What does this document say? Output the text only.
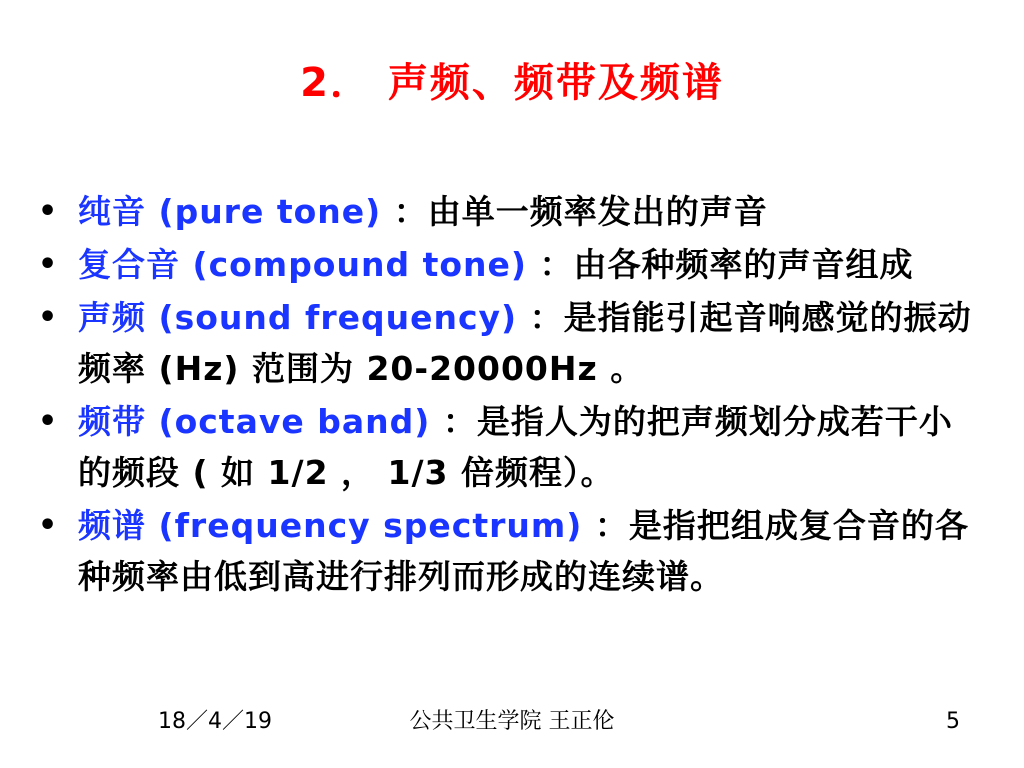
2． 声频、频带及频谱
• 纯音 (pure tone) ：由单一频率发出的声音
• 复合音 (compound tone) ：由各种频率的声音组成
• 声频 (sound frequency) ：是指能引起音响感觉的振动频率 (Hz) 范围为 20-20000Hz 。
• 频带 (octave band) ：是指人为的把声频划分成若干小的频段 ( 如 1/2 ， 1/3 倍频程）。
• 频谱 (frequency spectrum) ：是指把组成复合音的各种频率由低到高进行排列而形成的连续谱。
18／4／19	公共卫生学院 王正伦	5
